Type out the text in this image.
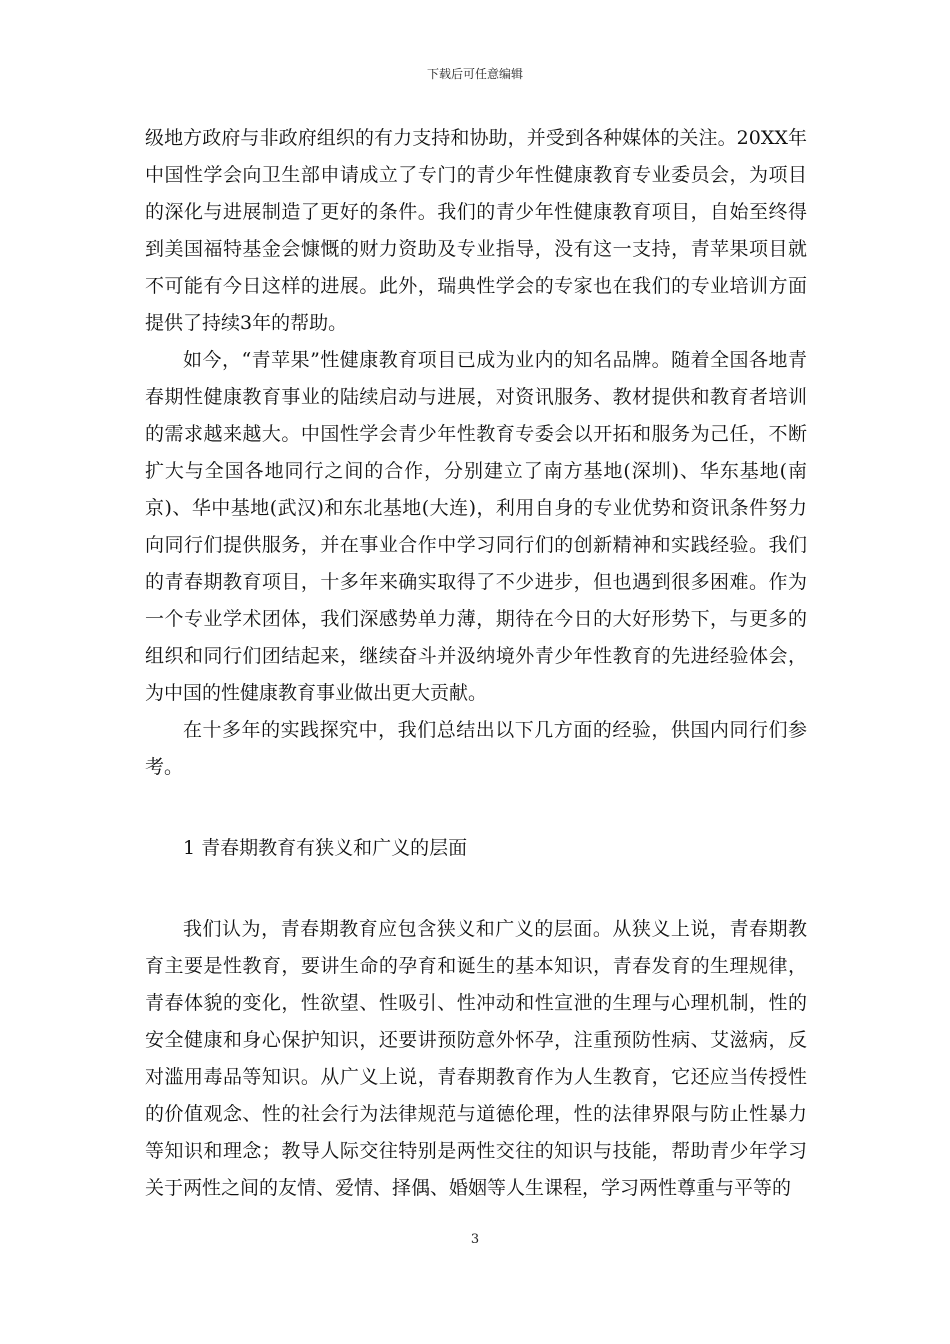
下载后可任意编辑

级地方政府与非政府组织的有力支持和协助，并受到各种媒体的关注。20XX年中国性学会向卫生部申请成立了专门的青少年性健康教育专业委员会，为项目的深化与进展制造了更好的条件。我们的青少年性健康教育项目，自始至终得到美国福特基金会慷慨的财力资助及专业指导，没有这一支持，青苹果项目就不可能有今日这样的进展。此外，瑞典性学会的专家也在我们的专业培训方面提供了持续3年的帮助。

如今，“青苹果”性健康教育项目已成为业内的知名品牌。随着全国各地青春期性健康教育事业的陆续启动与进展，对资讯服务、教材提供和教育者培训的需求越来越大。中国性学会青少年性教育专委会以开拓和服务为己任，不断扩大与全国各地同行之间的合作，分别建立了南方基地(深圳)、华东基地(南京)、华中基地(武汉)和东北基地(大连)，利用自身的专业优势和资讯条件努力向同行们提供服务，并在事业合作中学习同行们的创新精神和实践经验。我们的青春期教育项目，十多年来确实取得了不少进步，但也遇到很多困难。作为一个专业学术团体，我们深感势单力薄，期待在今日的大好形势下，与更多的组织和同行们团结起来，继续奋斗并汲纳境外青少年性教育的先进经验体会，为中国的性健康教育事业做出更大贡献。

在十多年的实践探究中，我们总结出以下几方面的经验，供国内同行们参考。

1 青春期教育有狭义和广义的层面

我们认为，青春期教育应包含狭义和广义的层面。从狭义上说，青春期教育主要是性教育，要讲生命的孕育和诞生的基本知识，青春发育的生理规律，青春体貌的变化，性欲望、性吸引、性冲动和性宣泄的生理与心理机制，性的安全健康和身心保护知识，还要讲预防意外怀孕，注重预防性病、艾滋病，反对滥用毒品等知识。从广义上说，青春期教育作为人生教育，它还应当传授性的价值观念、性的社会行为法律规范与道德伦理，性的法律界限与防止性暴力等知识和理念；教导人际交往特别是两性交往的知识与技能，帮助青少年学习关于两性之间的友情、爱情、择偶、婚姻等人生课程，学习两性尊重与平等的

3
